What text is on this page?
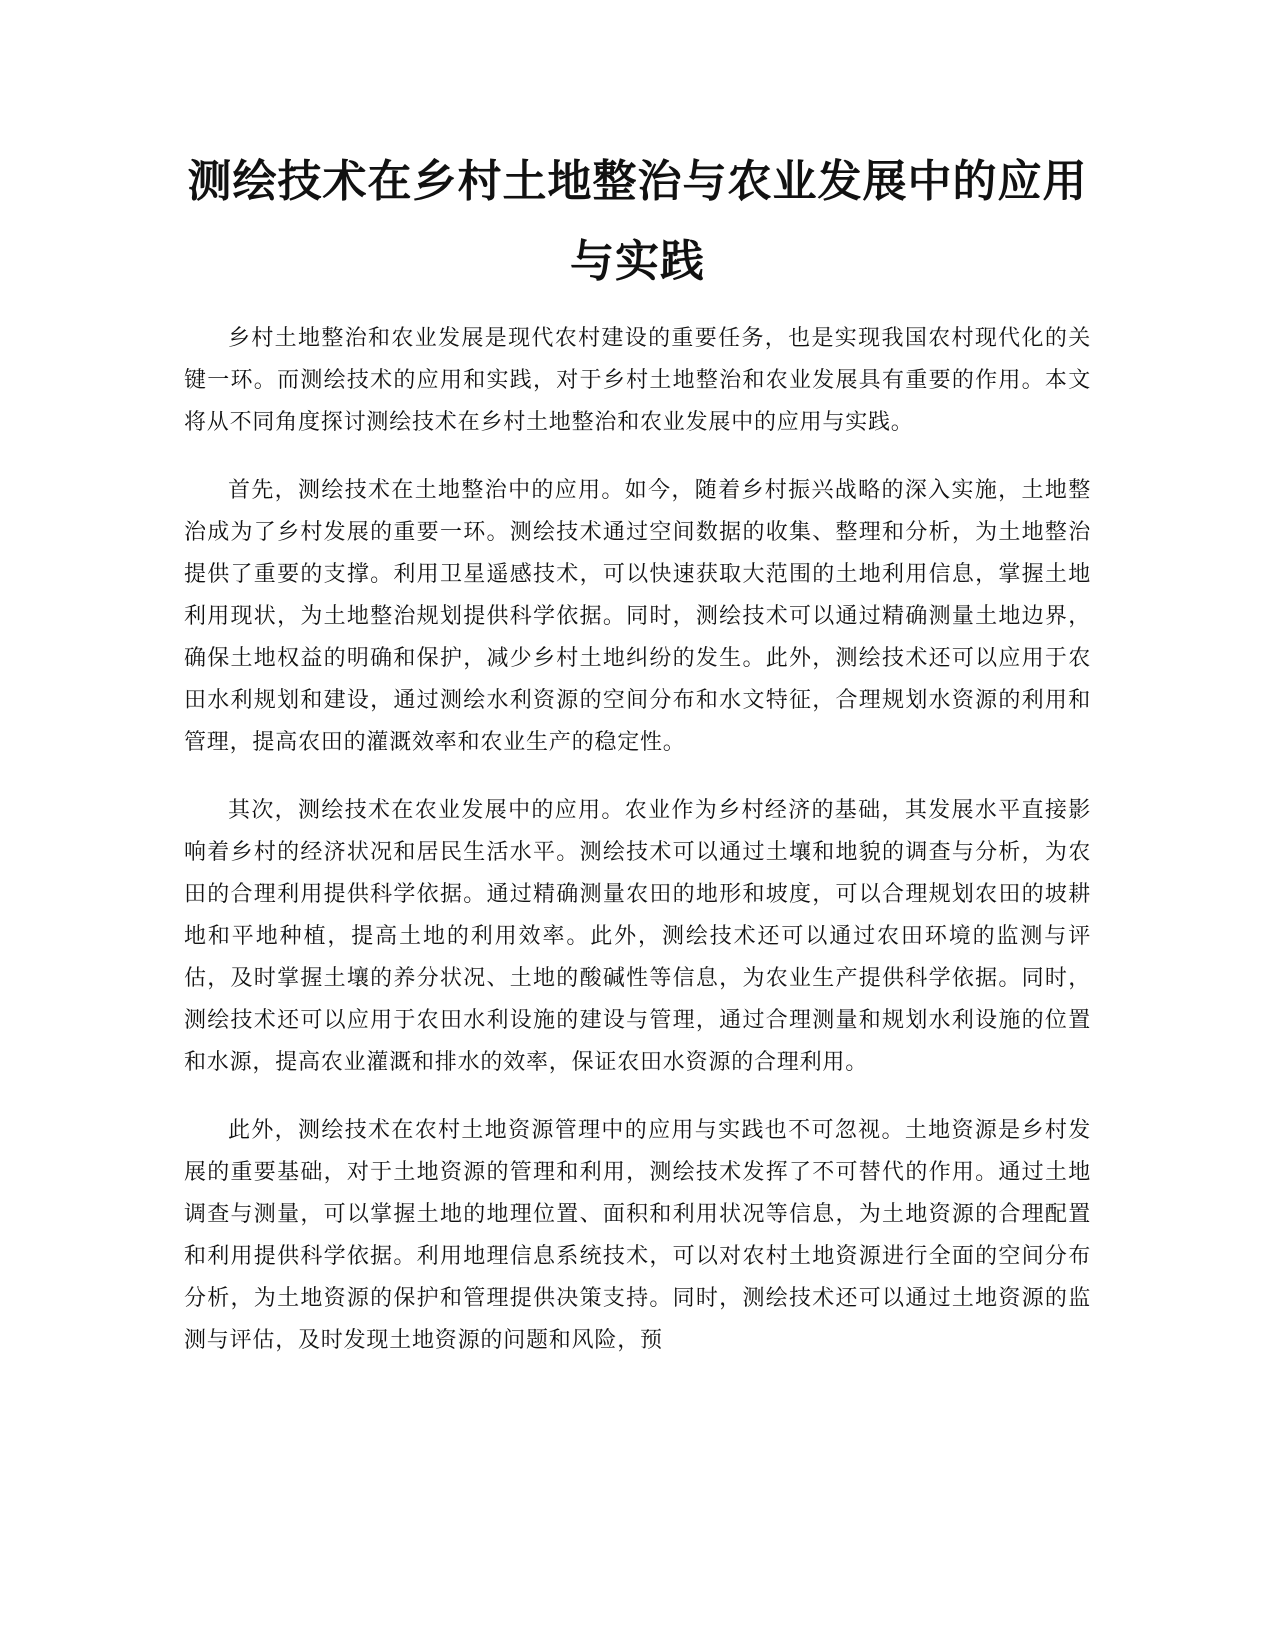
测绘技术在乡村土地整治与农业发展中的应用与实践

乡村土地整治和农业发展是现代农村建设的重要任务，也是实现我国农村现代化的关键一环。而测绘技术的应用和实践，对于乡村土地整治和农业发展具有重要的作用。本文将从不同角度探讨测绘技术在乡村土地整治和农业发展中的应用与实践。

首先，测绘技术在土地整治中的应用。如今，随着乡村振兴战略的深入实施，土地整治成为了乡村发展的重要一环。测绘技术通过空间数据的收集、整理和分析，为土地整治提供了重要的支撑。利用卫星遥感技术，可以快速获取大范围的土地利用信息，掌握土地利用现状，为土地整治规划提供科学依据。同时，测绘技术可以通过精确测量土地边界，确保土地权益的明确和保护，减少乡村土地纠纷的发生。此外，测绘技术还可以应用于农田水利规划和建设，通过测绘水利资源的空间分布和水文特征，合理规划水资源的利用和管理，提高农田的灌溉效率和农业生产的稳定性。

其次，测绘技术在农业发展中的应用。农业作为乡村经济的基础，其发展水平直接影响着乡村的经济状况和居民生活水平。测绘技术可以通过土壤和地貌的调查与分析，为农田的合理利用提供科学依据。通过精确测量农田的地形和坡度，可以合理规划农田的坡耕地和平地种植，提高土地的利用效率。此外，测绘技术还可以通过农田环境的监测与评估，及时掌握土壤的养分状况、土地的酸碱性等信息，为农业生产提供科学依据。同时，测绘技术还可以应用于农田水利设施的建设与管理，通过合理测量和规划水利设施的位置和水源，提高农业灌溉和排水的效率，保证农田水资源的合理利用。

此外，测绘技术在农村土地资源管理中的应用与实践也不可忽视。土地资源是乡村发展的重要基础，对于土地资源的管理和利用，测绘技术发挥了不可替代的作用。通过土地调查与测量，可以掌握土地的地理位置、面积和利用状况等信息，为土地资源的合理配置和利用提供科学依据。利用地理信息系统技术，可以对农村土地资源进行全面的空间分布分析，为土地资源的保护和管理提供决策支持。同时，测绘技术还可以通过土地资源的监测与评估，及时发现土地资源的问题和风险，预
